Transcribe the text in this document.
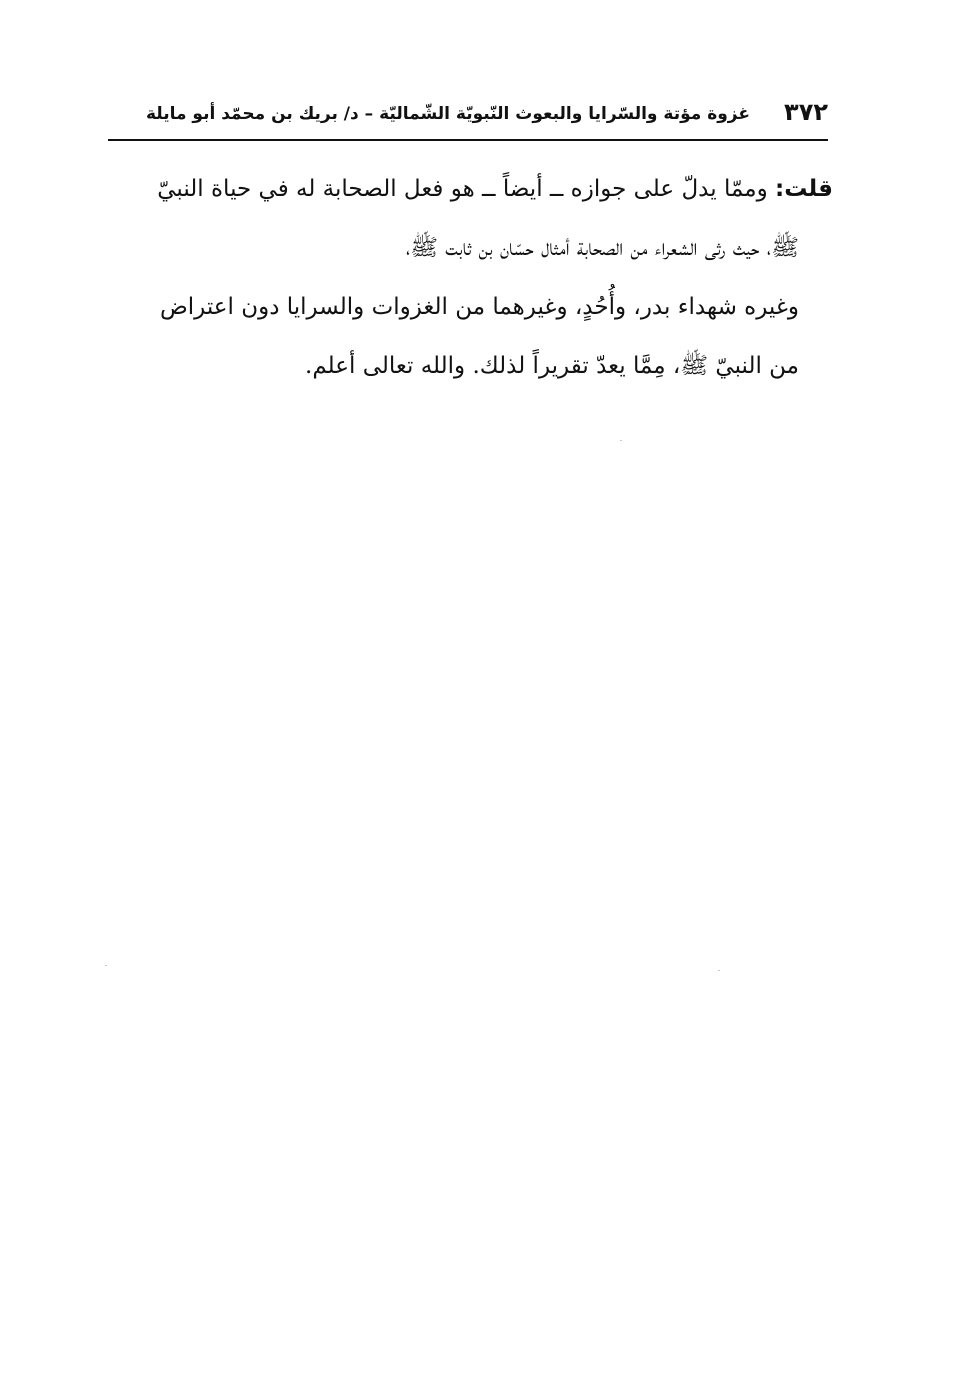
٣٧٢
غزوة مؤتة والسّرايا والبعوث النّبويّة الشّماليّة – د/ بريك بن محمّد أبو مايلة
قلت: وممّا يدلّ على جوازه ــ أيضاً ــ هو فعل الصحابة له في حياة النبيّ
ﷺ، حيث رثى الشعراء من الصحابة أمثال حسّان بن ثابت ﷺ،
وغيره شهداء بدر، وأُحُدٍ، وغيرهما من الغزوات والسرايا دون اعتراض
من النبيّ ﷺ، مِمَّا يعدّ تقريراً لذلك. والله تعالى أعلم.
